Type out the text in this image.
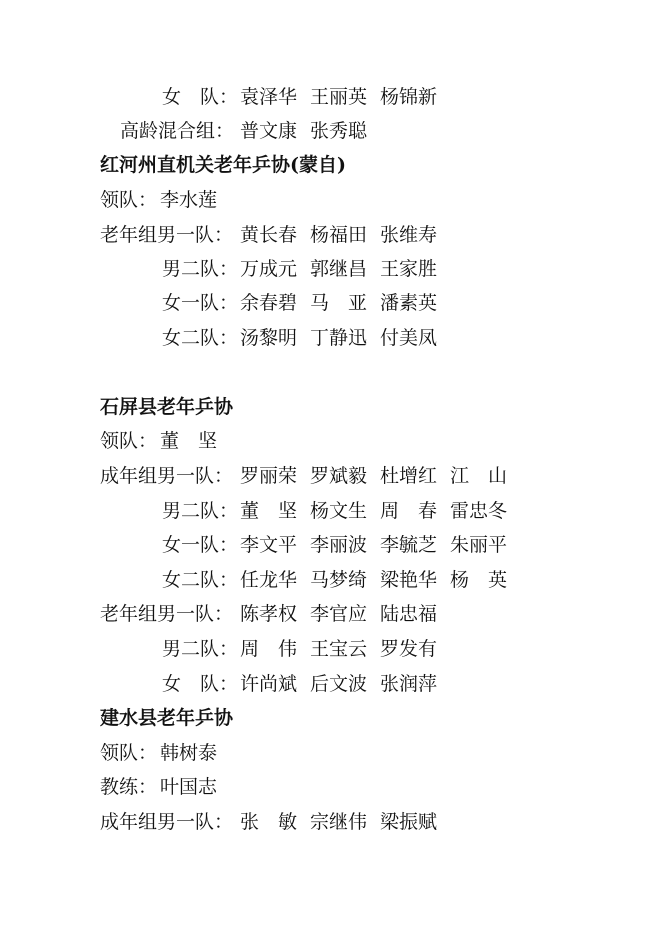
女　队： 袁泽华 王丽英 杨锦新
高龄混合组： 普文康 张秀聪
红河州直机关老年乒协(蒙自)
领队： 李水莲
老年组男一队： 黄长春 杨福田 张维寿
男二队： 万成元 郭继昌 王家胜
女一队： 余春碧 马　亚 潘素英
女二队： 汤黎明 丁静迅 付美凤
石屏县老年乒协
领队： 董　坚
成年组男一队： 罗丽荣 罗斌毅 杜增红 江　山
男二队： 董　坚 杨文生 周　春 雷忠冬
女一队： 李文平 李丽波 李毓芝 朱丽平
女二队： 任龙华 马梦绮 梁艳华 杨　英
老年组男一队： 陈孝权 李官应 陆忠福
男二队： 周　伟 王宝云 罗发有
女　队： 许尚斌 后文波 张润萍
建水县老年乒协
领队： 韩树泰
教练： 叶国志
成年组男一队： 张　敏 宗继伟 梁振赋
